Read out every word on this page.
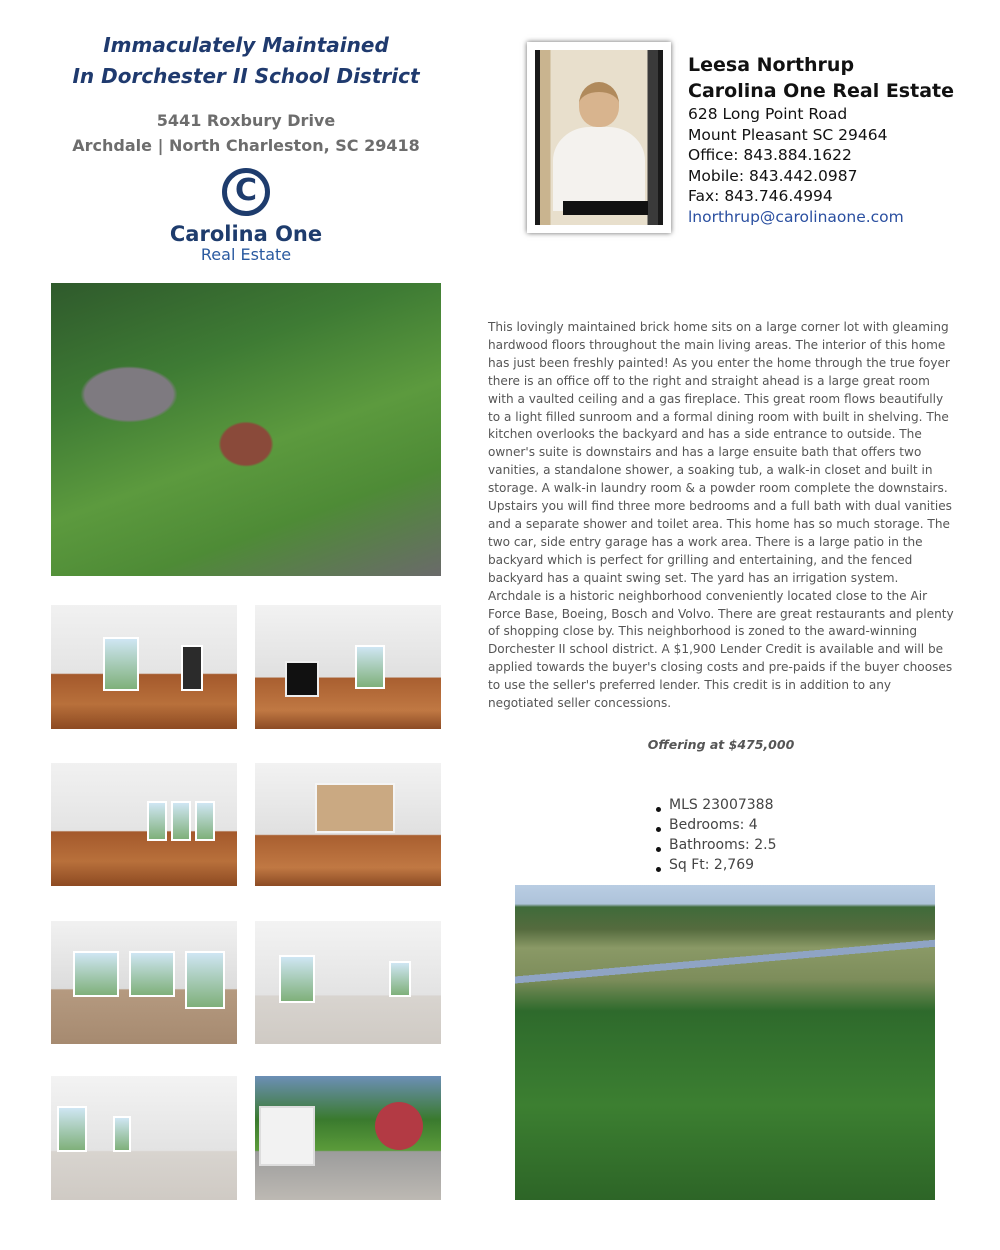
Immaculately Maintained
In Dorchester II School District
5441 Roxbury Drive
Archdale | North Charleston, SC 29418
C
Carolina One
Real Estate
Leesa Northrup
Carolina One Real Estate
628 Long Point Road
Mount Pleasant SC 29464
Office: 843.884.1622
Mobile: 843.442.0987
Fax: 843.746.4994
lnorthrup@carolinaone.com
This lovingly maintained brick home sits on a large corner lot with gleaming hardwood floors throughout the main living areas. The interior of this home has just been freshly painted! As you enter the home through the true foyer there is an office off to the right and straight ahead is a large great room with a vaulted ceiling and a gas fireplace. This great room flows beautifully to a light filled sunroom and a formal dining room with built in shelving. The kitchen overlooks the backyard and has a side entrance to outside. The owner's suite is downstairs and has a large ensuite bath that offers two vanities, a standalone shower, a soaking tub, a walk-in closet and built in storage. A walk-in laundry room & a powder room complete the downstairs. Upstairs you will find three more bedrooms and a full bath with dual vanities and a separate shower and toilet area. This home has so much storage. The two car, side entry garage has a work area. There is a large patio in the backyard which is perfect for grilling and entertaining, and the fenced backyard has a quaint swing set. The yard has an irrigation system. Archdale is a historic neighborhood conveniently located close to the Air Force Base, Boeing, Bosch and Volvo. There are great restaurants and plenty of shopping close by. This neighborhood is zoned to the award-winning Dorchester II school district. A $1,900 Lender Credit is available and will be applied towards the buyer's closing costs and pre-paids if the buyer chooses to use the seller's preferred lender. This credit is in addition to any negotiated seller concessions.
Offering at $475,000
MLS 23007388
Bedrooms: 4
Bathrooms: 2.5
Sq Ft: 2,769
